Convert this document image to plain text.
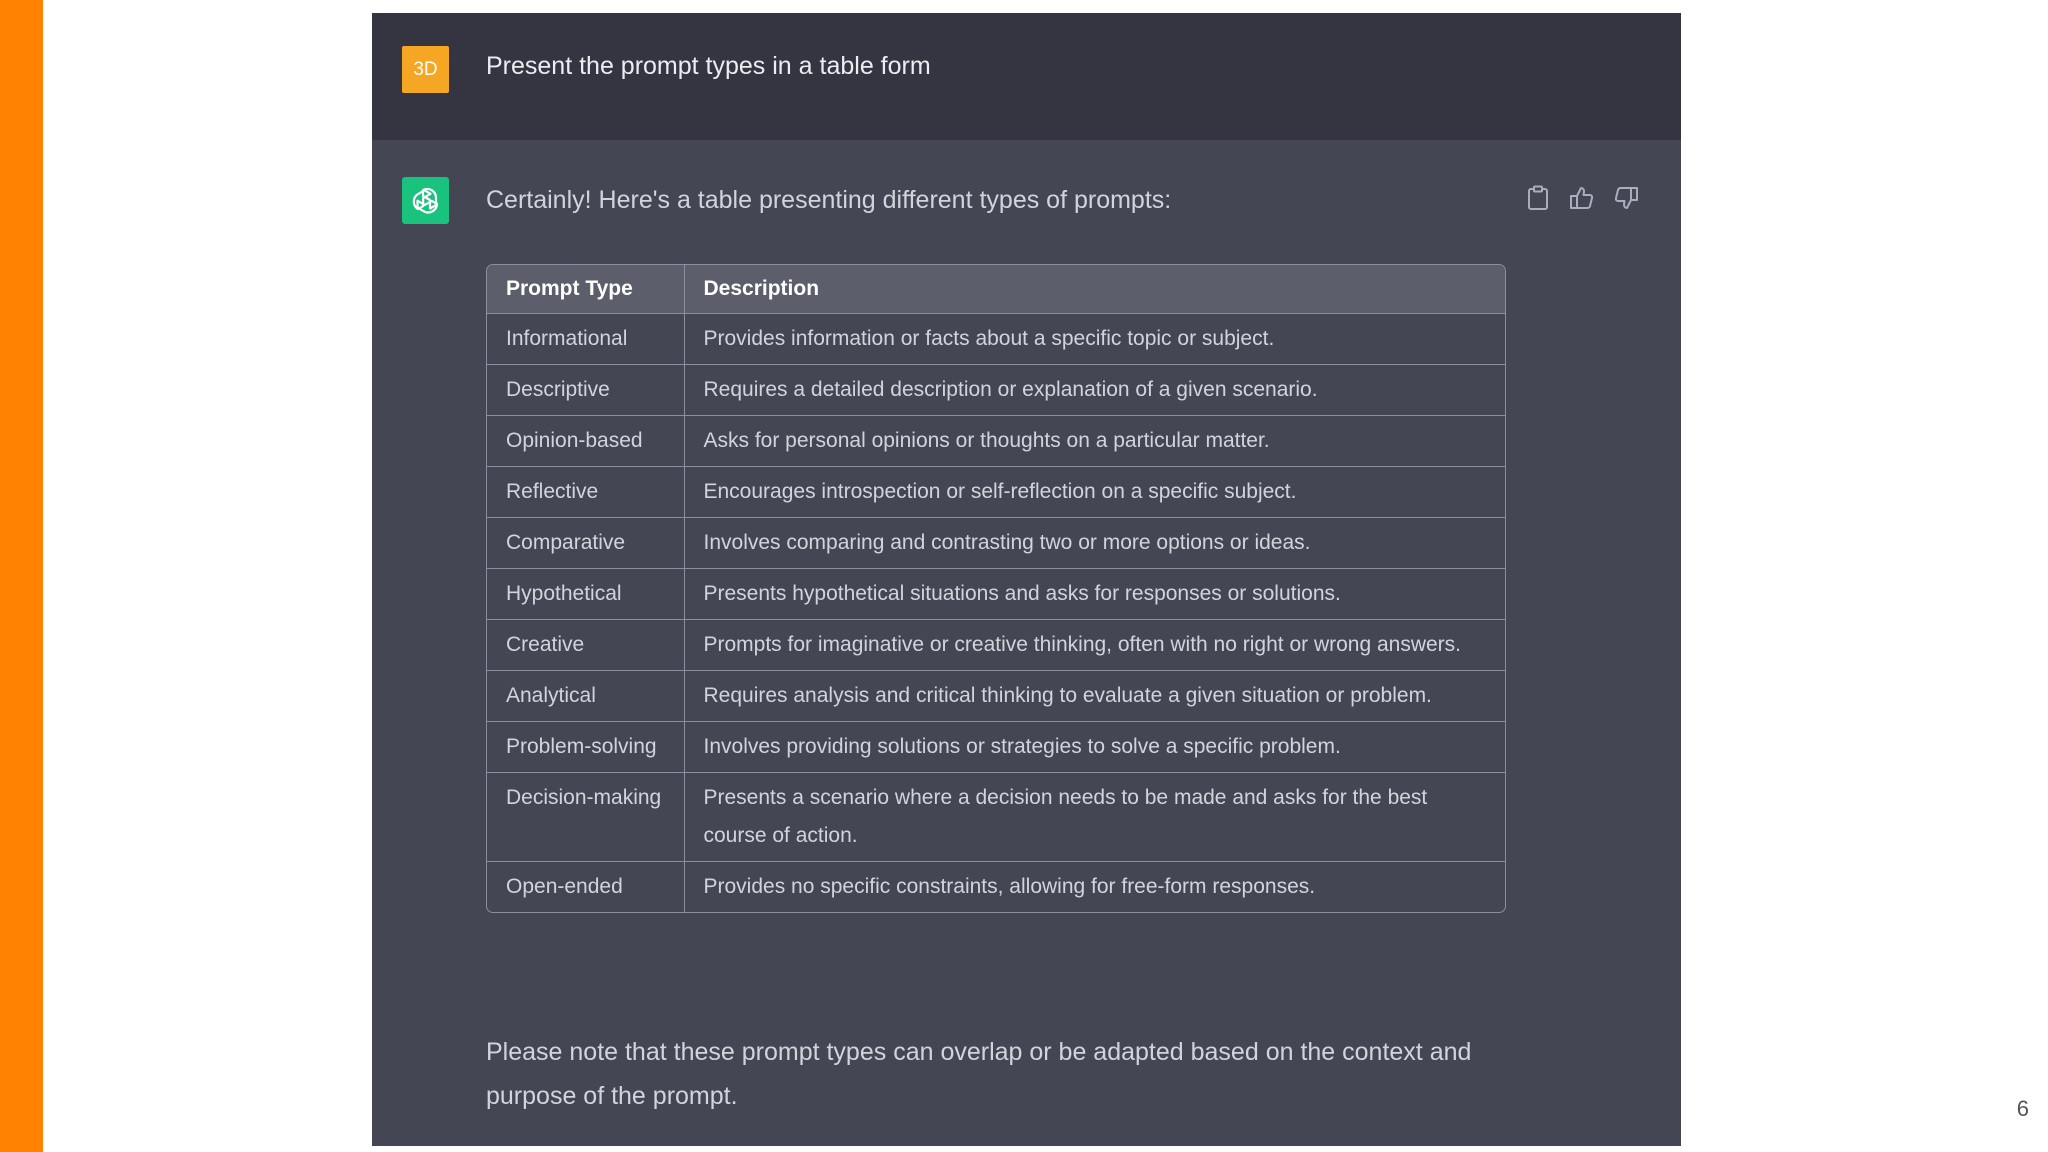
3D	Present the prompt types in a table form
Certainly! Here's a table presenting different types of prompts:
Prompt Type	Description
Informational	Provides information or facts about a specific topic or subject.
Descriptive	Requires a detailed description or explanation of a given scenario.
Opinion-based	Asks for personal opinions or thoughts on a particular matter.
Reflective	Encourages introspection or self-reflection on a specific subject.
Comparative	Involves comparing and contrasting two or more options or ideas.
Hypothetical	Presents hypothetical situations and asks for responses or solutions.
Creative	Prompts for imaginative or creative thinking, often with no right or wrong answers.
Analytical	Requires analysis and critical thinking to evaluate a given situation or problem.
Problem-solving	Involves providing solutions or strategies to solve a specific problem.
Decision-making	Presents a scenario where a decision needs to be made and asks for the best course of action.
Open-ended	Provides no specific constraints, allowing for free-form responses.
Please note that these prompt types can overlap or be adapted based on the context and purpose of the prompt.	6
